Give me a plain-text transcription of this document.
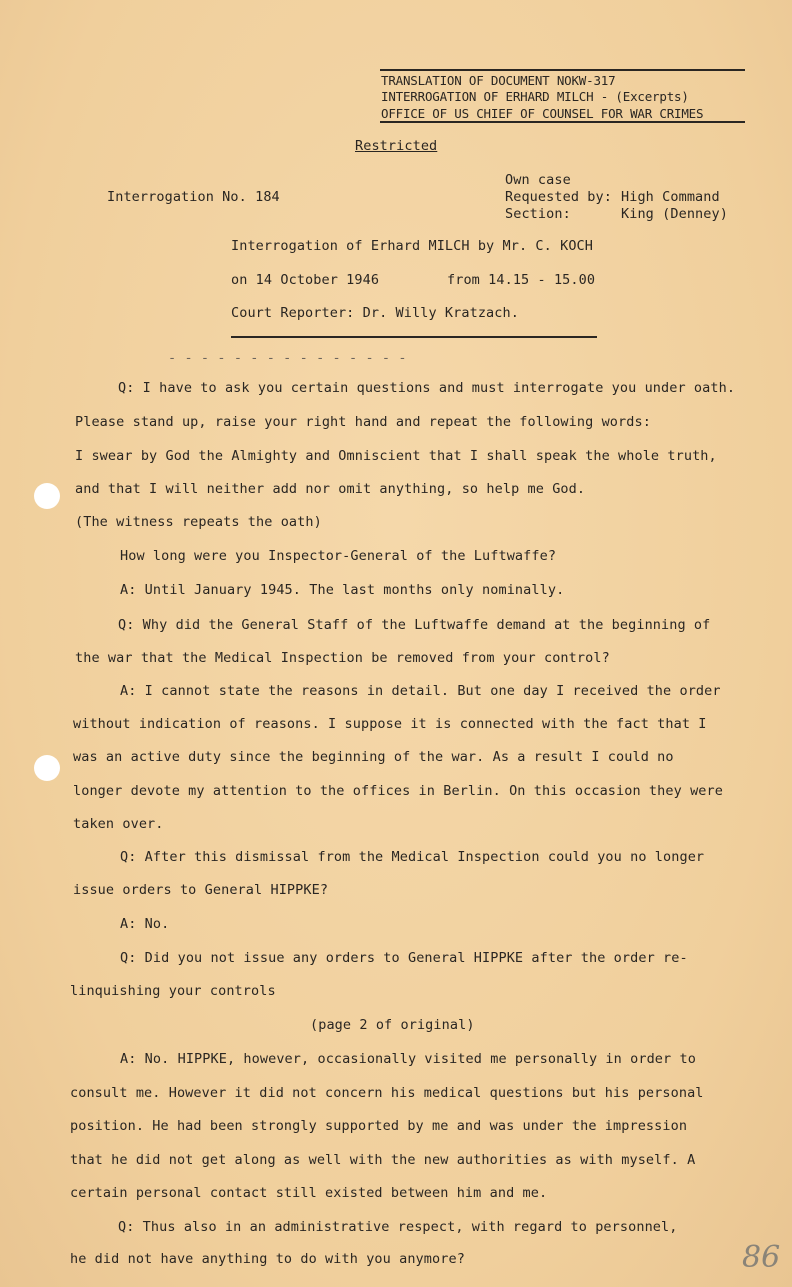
TRANSLATION OF DOCUMENT NOKW-317
INTERROGATION OF ERHARD MILCH - (Excerpts)
OFFICE OF US CHIEF OF COUNSEL FOR WAR CRIMES
Restricted
Own case
Interrogation No. 184	Requested by: High Command
Section:	King (Denney)
Interrogation of Erhard MILCH by Mr. C. KOCH
on 14 October 1946	from 14.15 - 15.00
Court Reporter: Dr. Willy Kratzach.
- - - - - - - - - - - - - - -
Q: I have to ask you certain questions and must interrogate you under oath.
Please stand up, raise your right hand and repeat the following words:
I swear by God the Almighty and Omniscient that I shall speak the whole truth,
and that I will neither add nor omit anything, so help me God.
(The witness repeats the oath)
How long were you Inspector-General of the Luftwaffe?
A: Until January 1945. The last months only nominally.
Q: Why did the General Staff of the Luftwaffe demand at the beginning of
the war that the Medical Inspection be removed from your control?
A: I cannot state the reasons in detail. But one day I received the order
without indication of reasons. I suppose it is connected with the fact that I
was an active duty since the beginning of the war. As a result I could no
longer devote my attention to the offices in Berlin. On this occasion they were
taken over.
Q: After this dismissal from the Medical Inspection could you no longer
issue orders to General HIPPKE?
A: No.
Q: Did you not issue any orders to General HIPPKE after the order re-
linquishing your controls
(page 2 of original)
A: No. HIPPKE, however, occasionally visited me personally in order to
consult me. However it did not concern his medical questions but his personal
position. He had been strongly supported by me and was under the impression
that he did not get along as well with the new authorities as with myself. A
certain personal contact still existed between him and me.
Q: Thus also in an administrative respect, with regard to personnel,
he did not have anything to do with you anymore?	86
